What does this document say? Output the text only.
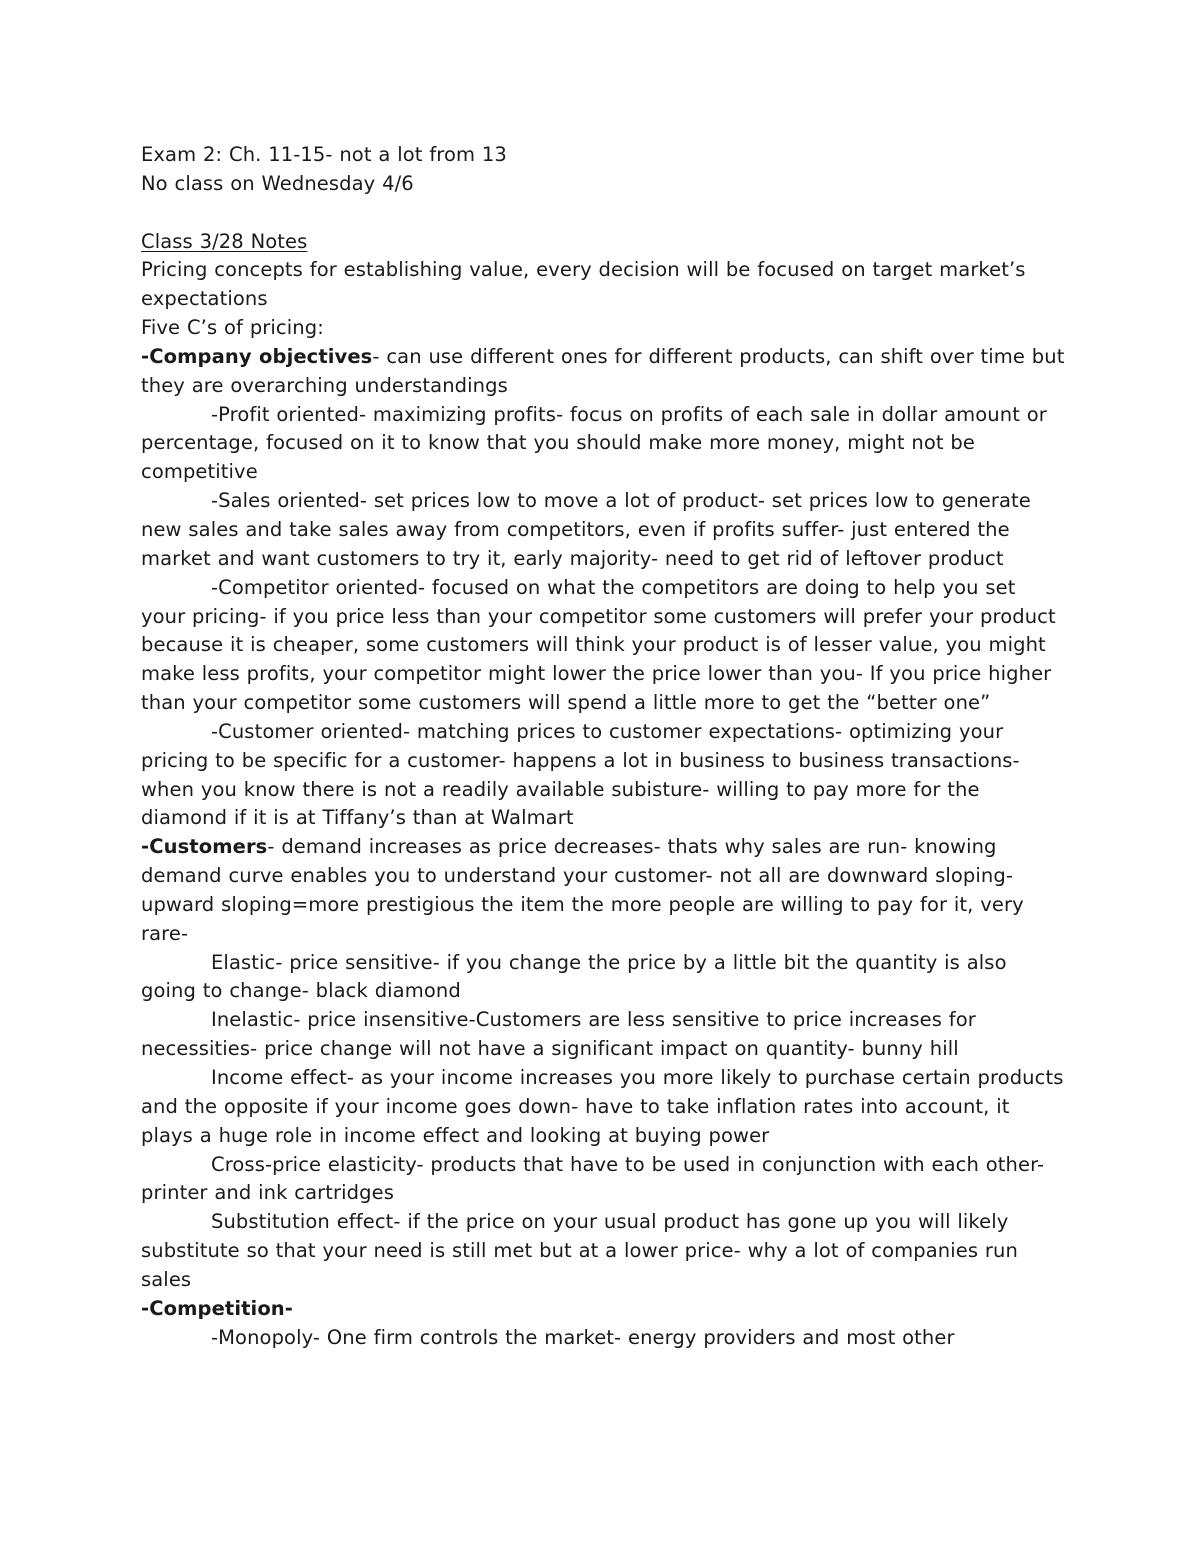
Exam 2: Ch. 11-15- not a lot from 13

No class on Wednesday 4/6

Class 3/28 Notes

Pricing concepts for establishing value, every decision will be focused on target market’s expectations

Five C’s of pricing:

-Company objectives- can use different ones for different products, can shift over time but they are overarching understandings

-Profit oriented- maximizing profits- focus on profits of each sale in dollar amount or percentage, focused on it to know that you should make more money, might not be competitive

-Sales oriented- set prices low to move a lot of product- set prices low to generate new sales and take sales away from competitors, even if profits suffer- just entered the market and want customers to try it, early majority- need to get rid of leftover product

-Competitor oriented- focused on what the competitors are doing to help you set your pricing- if you price less than your competitor some customers will prefer your product because it is cheaper, some customers will think your product is of lesser value, you might make less profits, your competitor might lower the price lower than you- If you price higher than your competitor some customers will spend a little more to get the “better one”

-Customer oriented- matching prices to customer expectations- optimizing your pricing to be specific for a customer- happens a lot in business to business transactions- when you know there is not a readily available subisture- willing to pay more for the diamond if it is at Tiffany’s than at Walmart

-Customers- demand increases as price decreases- thats why sales are run- knowing demand curve enables you to understand your customer- not all are downward sloping- upward sloping=more prestigious the item the more people are willing to pay for it, very rare-

Elastic- price sensitive- if you change the price by a little bit the quantity is also going to change- black diamond

Inelastic- price insensitive-Customers are less sensitive to price increases for necessities- price change will not have a significant impact on quantity- bunny hill

Income effect- as your income increases you more likely to purchase certain products and the opposite if your income goes down- have to take inflation rates into account, it plays a huge role in income effect and looking at buying power

Cross-price elasticity- products that have to be used in conjunction with each other- printer and ink cartridges

Substitution effect- if the price on your usual product has gone up you will likely substitute so that your need is still met but at a lower price- why a lot of companies run sales

-Competition-

-Monopoly- One firm controls the market- energy providers and most other
